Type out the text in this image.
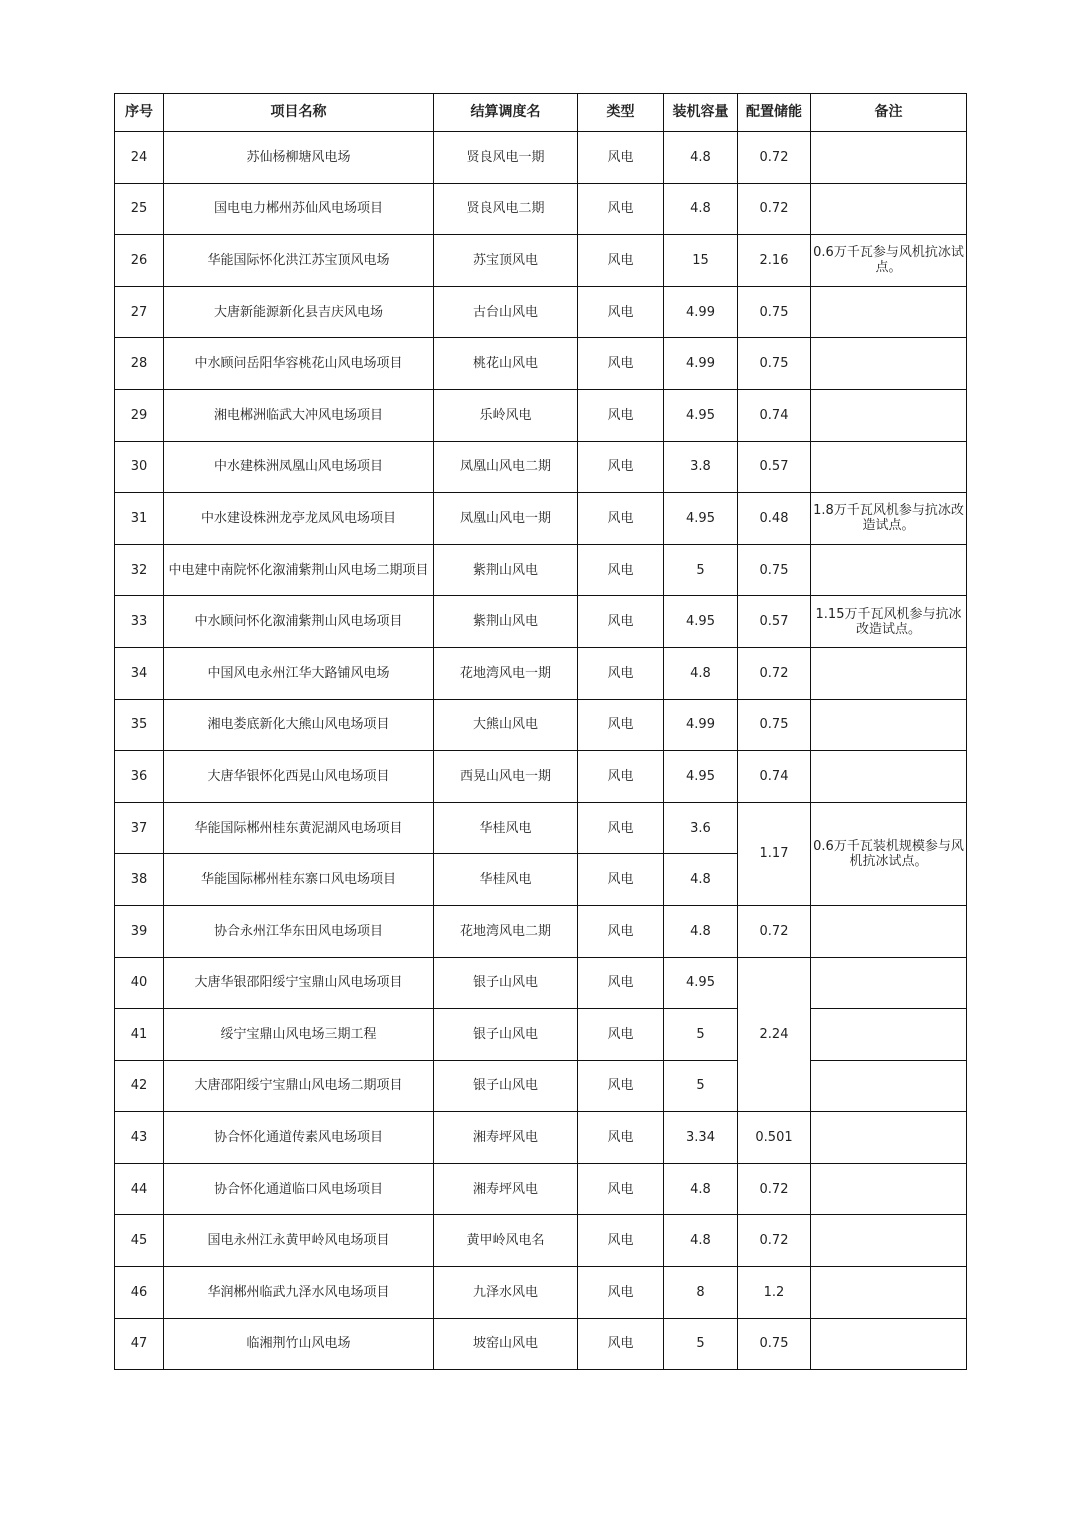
序号	项目名称	结算调度名	类型	装机容量	配置储能	备注
24	苏仙杨柳塘风电场	贤良风电一期	风电	4.8	0.72	
25	国电电力郴州苏仙风电场项目	贤良风电二期	风电	4.8	0.72	
26	华能国际怀化洪江苏宝顶风电场	苏宝顶风电	风电	15	2.16	0.6万千瓦参与风机抗冰试点。
27	大唐新能源新化县吉庆风电场	古台山风电	风电	4.99	0.75	
28	中水顾问岳阳华容桃花山风电场项目	桃花山风电	风电	4.99	0.75	
29	湘电郴洲临武大冲风电场项目	乐岭风电	风电	4.95	0.74	
30	中水建株洲凤凰山风电场项目	凤凰山风电二期	风电	3.8	0.57	
31	中水建设株洲龙亭龙凤风电场项目	凤凰山风电一期	风电	4.95	0.48	1.8万千瓦风机参与抗冰改造试点。
32	中电建中南院怀化溆浦紫荆山风电场二期项目	紫荆山风电	风电	5	0.75	
33	中水顾问怀化溆浦紫荆山风电场项目	紫荆山风电	风电	4.95	0.57	1.15万千瓦风机参与抗冰改造试点。
34	中国风电永州江华大路铺风电场	花地湾风电一期	风电	4.8	0.72	
35	湘电娄底新化大熊山风电场项目	大熊山风电	风电	4.99	0.75	
36	大唐华银怀化西晃山风电场项目	西晃山风电一期	风电	4.95	0.74	
37	华能国际郴州桂东黄泥湖风电场项目	华桂风电	风电	3.6	1.17	0.6万千瓦装机规模参与风机抗冰试点。
38	华能国际郴州桂东寨口风电场项目	华桂风电	风电	4.8		
39	协合永州江华东田风电场项目	花地湾风电二期	风电	4.8	0.72	
40	大唐华银邵阳绥宁宝鼎山风电场项目	银子山风电	风电	4.95	2.24	
41	绥宁宝鼎山风电场三期工程	银子山风电	风电	5		
42	大唐邵阳绥宁宝鼎山风电场二期项目	银子山风电	风电	5		
43	协合怀化通道传素风电场项目	湘寿坪风电	风电	3.34	0.501	
44	协合怀化通道临口风电场项目	湘寿坪风电	风电	4.8	0.72	
45	国电永州江永黄甲岭风电场项目	黄甲岭风电名	风电	4.8	0.72	
46	华润郴州临武九泽水风电场项目	九泽水风电	风电	8	1.2	
47	临湘荆竹山风电场	坡窑山风电	风电	5	0.75	
